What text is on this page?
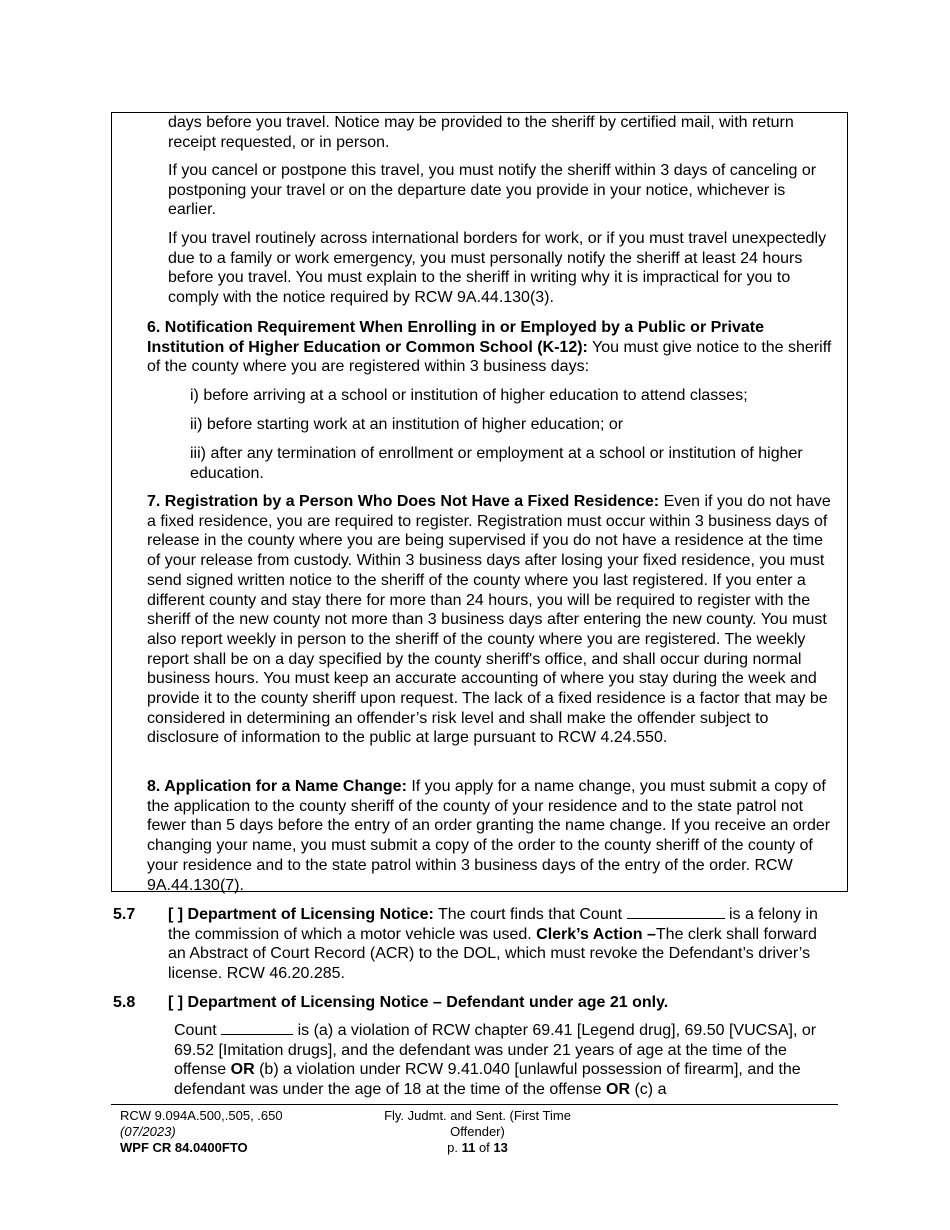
days before you travel. Notice may be provided to the sheriff by certified mail, with return receipt requested, or in person.

If you cancel or postpone this travel, you must notify the sheriff within 3 days of canceling or postponing your travel or on the departure date you provide in your notice, whichever is earlier.

If you travel routinely across international borders for work, or if you must travel unexpectedly due to a family or work emergency, you must personally notify the sheriff at least 24 hours before you travel. You must explain to the sheriff in writing why it is impractical for you to comply with the notice required by RCW 9A.44.130(3).

6. Notification Requirement When Enrolling in or Employed by a Public or Private Institution of Higher Education or Common School (K-12): You must give notice to the sheriff of the county where you are registered within 3 business days:

i) before arriving at a school or institution of higher education to attend classes;

ii) before starting work at an institution of higher education; or

iii) after any termination of enrollment or employment at a school or institution of higher education.

7. Registration by a Person Who Does Not Have a Fixed Residence: Even if you do not have a fixed residence, you are required to register. Registration must occur within 3 business days of release in the county where you are being supervised if you do not have a residence at the time of your release from custody. Within 3 business days after losing your fixed residence, you must send signed written notice to the sheriff of the county where you last registered. If you enter a different county and stay there for more than 24 hours, you will be required to register with the sheriff of the new county not more than 3 business days after entering the new county. You must also report weekly in person to the sheriff of the county where you are registered. The weekly report shall be on a day specified by the county sheriff's office, and shall occur during normal business hours. You must keep an accurate accounting of where you stay during the week and provide it to the county sheriff upon request. The lack of a fixed residence is a factor that may be considered in determining an offender’s risk level and shall make the offender subject to disclosure of information to the public at large pursuant to RCW 4.24.550.
8. Application for a Name Change: If you apply for a name change, you must submit a copy of the application to the county sheriff of the county of your residence and to the state patrol not fewer than 5 days before the entry of an order granting the name change. If you receive an order changing your name, you must submit a copy of the order to the county sheriff of the county of your residence and to the state patrol within 3 business days of the entry of the order. RCW 9A.44.130(7).
5.7 [ ] Department of Licensing Notice: The court finds that Count	is a felony in the commission of which a motor vehicle was used. Clerk’s Action –The clerk shall forward an Abstract of Court Record (ACR) to the DOL, which must revoke the Defendant’s driver’s license. RCW 46.20.285.
5.8 [ ] Department of Licensing Notice – Defendant under age 21 only.
Count	is (a) a violation of RCW chapter 69.41 [Legend drug], 69.50 [VUCSA], or 69.52 [Imitation drugs], and the defendant was under 21 years of age at the time of the offense OR (b) a violation under RCW 9.41.040 [unlawful possession of firearm], and the defendant was under the age of 18 at the time of the offense OR (c) a
RCW 9.094A.500,.505, .650
(07/2023)
WPF CR 84.0400FTO
Fly. Judmt. and Sent. (First Time
Offender)
p. 11 of 13
